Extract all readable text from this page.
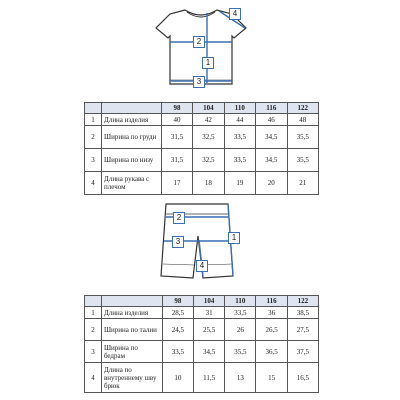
1
2
3
4
		98	104	110	116	122
1	Длина изделия	40	42	44	46	48
2	Ширина по груди	31,5	32,5	33,5	34,5	35,5
3	Ширина по низу	31,5	32,5	33,5	34,5	35,5
4	Длина рукава с плечом	17	18	19	20	21
1
2
3
4
		98	104	110	116	122
1	Длина изделия	28,5	31	33,5	36	38,5
2	Ширина по талии	24,5	25,5	26	26,5	27,5
3	Ширина по бедрам	33,5	34,5	35,5	36,5	37,5
4	Длина по внутреннему шву брюк	10	11,5	13	15	16,5
